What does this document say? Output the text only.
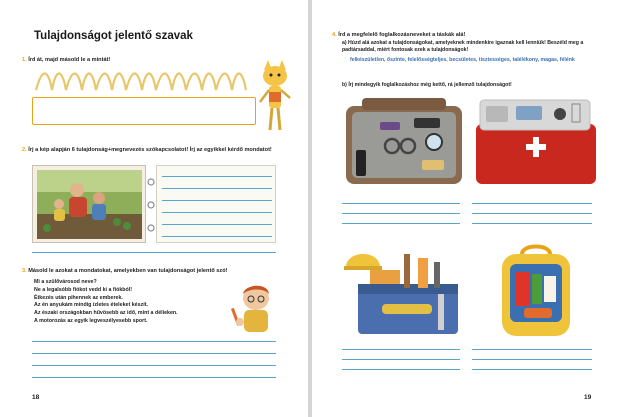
Tulajdonságot jelentő szavak
1. Írd át, majd másold le a mintát!
2. Írj a kép alapján 6 tulajdonság+megnevezés szókapcsolatot! Írj az egyikkel kérdő mondatot!
3. Másold le azokat a mondatokat, amelyekben van tulajdonságot jelentő szó!
Mi a szülővárosod neve?
Ne a legalsóbb fiókot vedd ki a fiókból!
Étkezés után pihennek az emberek.
Az én anyukám mindig ízletes ételeket készít.
Az északi országokban hűvösebb az idő, mint a délieken.
A motorozás az egyik legveszélyesebb sport.
18
4. Írd a megfelelő foglalkozásneveket a táskák alá!
a) Húzd alá azokat a tulajdonságokat, amelyeknek mindenkire igaznak kell lenniük! Beszéld meg a padtársaddal, miért fontosak ezek a tulajdonságok!
felkészületlen, őszinte, felelősségteljes, becsületes, tisztességes, talélékony, magas, félénk
b) Írj mindegyik foglalkozáshoz még kettő, rá jellemző tulajdonságot!
19
